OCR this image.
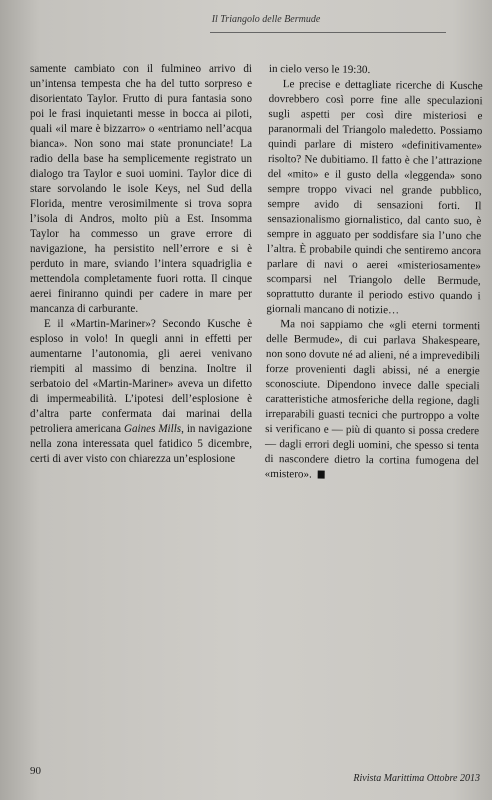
Il Triangolo delle Bermude

samente cambiato con il fulmineo arrivo di un’intensa tempesta che ha del tutto sorpreso e disorientato Taylor. Frutto di pura fantasia sono poi le frasi inquietanti messe in bocca ai piloti, quali «il mare è bizzarro» o «entriamo nell’acqua bianca». Non sono mai state pronunciate! La radio della base ha semplicemente registrato un dialogo tra Taylor e suoi uomini. Taylor dice di stare sorvolando le isole Keys, nel Sud della Florida, mentre verosimilmente si trova sopra l’isola di Andros, molto più a Est. Insomma Taylor ha commesso un grave errore di navigazione, ha persistito nell’errore e si è perduto in mare, sviando l’intera squadriglia e mettendola completamente fuori rotta. Il cinque aerei finiranno quindi per cadere in mare per mancanza di carburante.

E il «Martin-Mariner»? Secondo Kusche è esploso in volo! In quegli anni in effetti per aumentarne l’autonomia, gli aerei venivano riempiti al massimo di benzina. Inoltre il serbatoio del «Martin-Mariner» aveva un difetto di impermeabilità. L’ipotesi dell’esplosione è d’altra parte confermata dai marinai della petroliera americana Gaines Mills, in navigazione nella zona interessata quel fatidico 5 dicembre, certi di aver visto con chiarezza un’esplosione

in cielo verso le 19:30.

Le precise e dettagliate ricerche di Kusche dovrebbero così porre fine alle speculazioni sugli aspetti per così dire misteriosi e paranormali del Triangolo maledetto. Possiamo quindi parlare di mistero «definitivamente» risolto? Ne dubitiamo. Il fatto è che l’attrazione del «mito» e il gusto della «leggenda» sono sempre troppo vivaci nel grande pubblico, sempre avido di sensazioni forti. Il sensazionalismo giornalistico, dal canto suo, è sempre in agguato per soddisfare sia l’uno che l’altra. È probabile quindi che sentiremo ancora parlare di navi o aerei «misteriosamente» scomparsi nel Triangolo delle Bermude, soprattutto durante il periodo estivo quando i giornali mancano di notizie…

Ma noi sappiamo che «gli eterni tormenti delle Bermude», di cui parlava Shakespeare, non sono dovute né ad alieni, né a imprevedibili forze provenienti dagli abissi, né a energie sconosciute. Dipendono invece dalle speciali caratteristiche atmosferiche della regione, dagli irreparabili guasti tecnici che purtroppo a volte si verificano e — più di quanto si possa credere — dagli errori degli uomini, che spesso si tenta di nascondere dietro la cortina fumogena del «mistero».

90
Rivista Marittima Ottobre 2013
